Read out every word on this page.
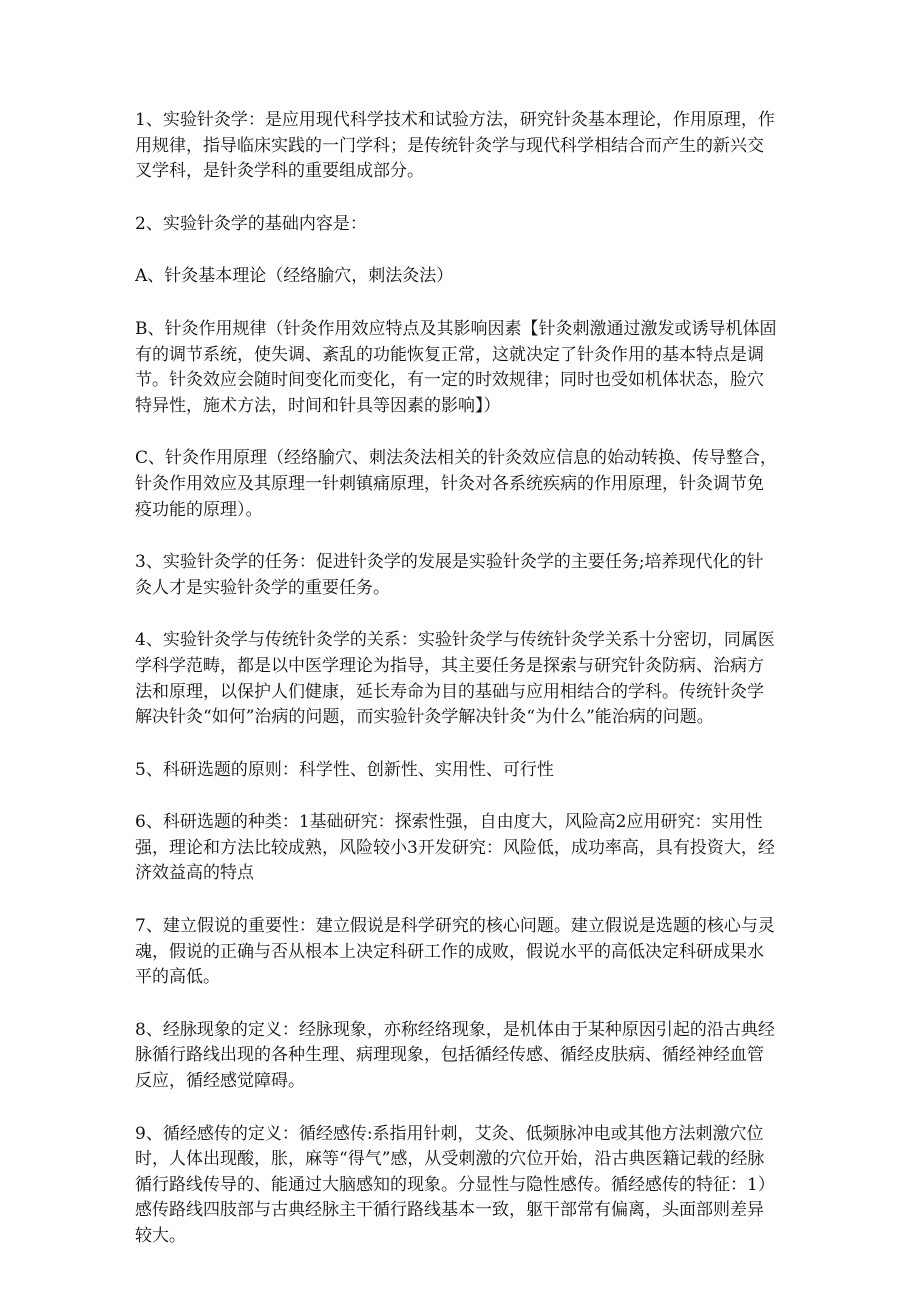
1、实验针灸学：是应用现代科学技术和试验方法，研究针灸基本理论，作用原理，作用规律，指导临床实践的一门学科；是传统针灸学与现代科学相结合而产生的新兴交叉学科，是针灸学科的重要组成部分。

2、实验针灸学的基础内容是：

A、针灸基本理论（经络腧穴，刺法灸法）

B、针灸作用规律（针灸作用效应特点及其影响因素【针灸刺激通过激发或诱导机体固有的调节系统，使失调、紊乱的功能恢复正常，这就决定了针灸作用的基本特点是调节。针灸效应会随时间变化而变化，有一定的时效规律；同时也受如机体状态，脸穴特异性，施术方法，时间和针具等因素的影响】）

C、针灸作用原理（经络腧穴、刺法灸法相关的针灸效应信息的始动转换、传导整合，针灸作用效应及其原理一针刺镇痛原理，针灸对各系统疾病的作用原理，针灸调节免疫功能的原理）。

3、实验针灸学的任务：促进针灸学的发展是实验针灸学的主要任务;培养现代化的针灸人才是实验针灸学的重要任务。

4、实验针灸学与传统针灸学的关系：实验针灸学与传统针灸学关系十分密切，同属医学科学范畴，都是以中医学理论为指导，其主要任务是探索与研究针灸防病、治病方法和原理，以保护人们健康，延长寿命为目的基础与应用相结合的学科。传统针灸学解决针灸“如何”治病的问题，而实验针灸学解决针灸“为什么”能治病的问题。

5、科研选题的原则：科学性、创新性、实用性、可行性

6、科研选题的种类：1基础研究：探索性强，自由度大，风险高2应用研究：实用性强，理论和方法比较成熟，风险较小3开发研究：风险低，成功率高，具有投资大，经济效益高的特点

7、建立假说的重要性：建立假说是科学研究的核心问题。建立假说是选题的核心与灵魂，假说的正确与否从根本上决定科研工作的成败，假说水平的高低决定科研成果水平的高低。

8、经脉现象的定义：经脉现象，亦称经络现象，是机体由于某种原因引起的沿古典经脉循行路线出现的各种生理、病理现象，包括循经传感、循经皮肤病、循经神经血管反应，循经感觉障碍。

9、循经感传的定义：循经感传:系指用针刺，艾灸、低频脉冲电或其他方法刺激穴位时，人体出现酸，胀，麻等“得气”感，从受刺激的穴位开始，沿古典医籍记载的经脉循行路线传导的、能通过大脑感知的现象。分显性与隐性感传。循经感传的特征：1）感传路线四肢部与古典经脉主干循行路线基本一致，躯干部常有偏离，头面部则差异较大。
